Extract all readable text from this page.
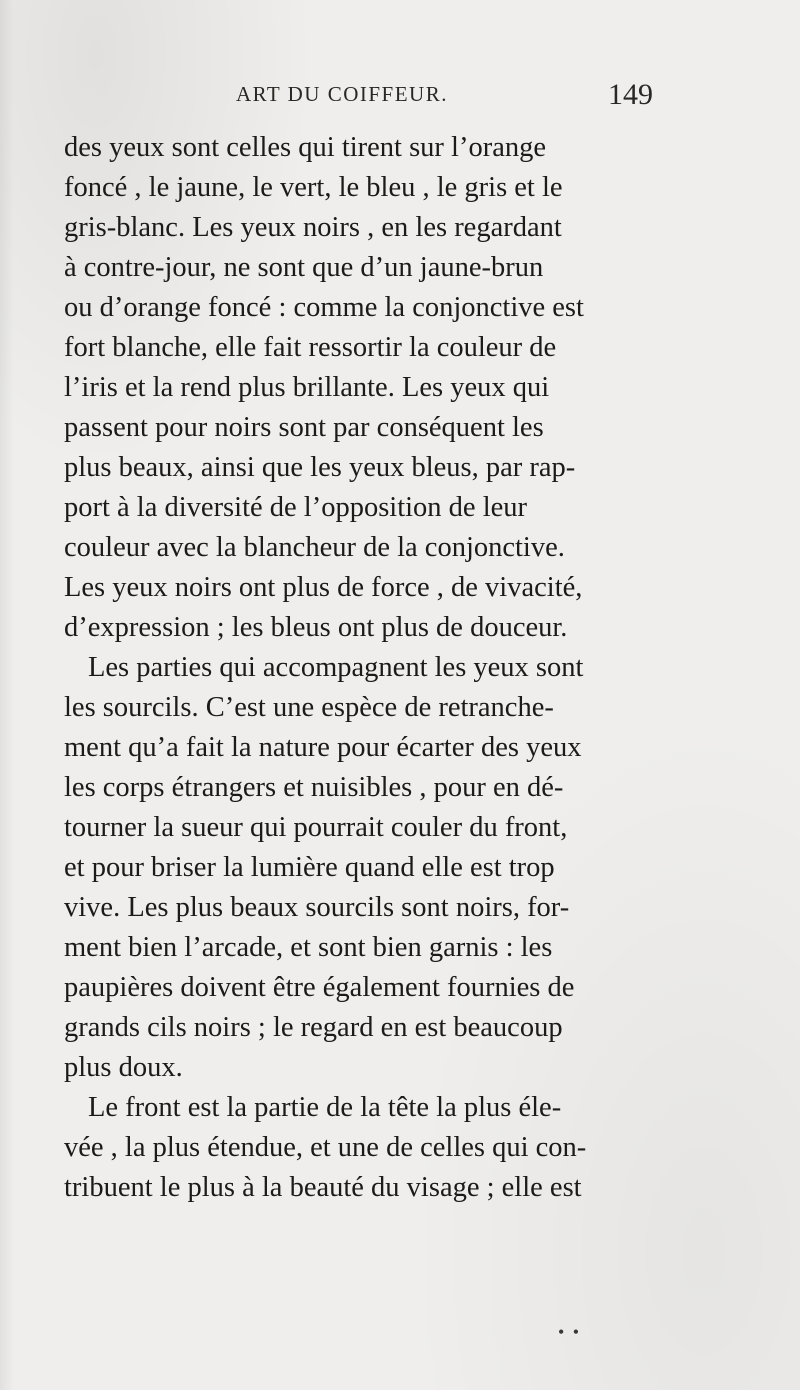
ART DU COIFFEUR.	149
des yeux sont celles qui tirent sur l’orange
foncé , le jaune, le vert, le bleu , le gris et le
gris-blanc. Les yeux noirs , en les regardant
à contre-jour, ne sont que d’un jaune-brun
ou d’orange foncé : comme la conjonctive est
fort blanche, elle fait ressortir la couleur de
l’iris et la rend plus brillante. Les yeux qui
passent pour noirs sont par conséquent les
plus beaux, ainsi que les yeux bleus, par rap-
port à la diversité de l’opposition de leur
couleur avec la blancheur de la conjonctive.
Les yeux noirs ont plus de force , de vivacité,
d’expression ; les bleus ont plus de douceur.
Les parties qui accompagnent les yeux sont
les sourcils. C’est une espèce de retranche-
ment qu’a fait la nature pour écarter des yeux
les corps étrangers et nuisibles , pour en dé-
tourner la sueur qui pourrait couler du front,
et pour briser la lumière quand elle est trop
vive. Les plus beaux sourcils sont noirs, for-
ment bien l’arcade, et sont bien garnis : les
paupières doivent être également fournies de
grands cils noirs ; le regard en est beaucoup
plus doux.
Le front est la partie de la tête la plus éle-
vée , la plus étendue, et une de celles qui con-
tribuent le plus à la beauté du visage ; elle est
• •
